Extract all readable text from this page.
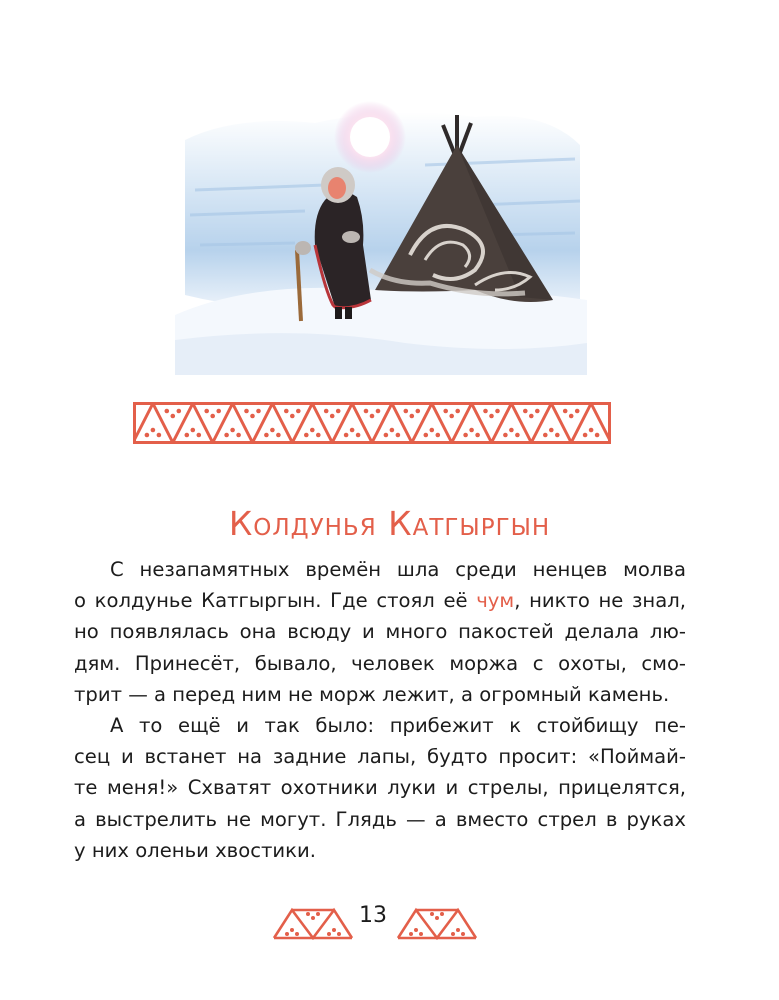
Колдунья Катгыргын
С незапамятных времён шла среди ненцев молва
о колдунье Катгыргын. Где стоял её чум, никто не знал,
но появлялась она всюду и много пакостей делала лю-
дям. Принесёт, бывало, человек моржа с охоты, смо-
трит — а перед ним не морж лежит, а огромный камень.
А то ещё и так было: прибежит к стойбищу пе-
сец и встанет на задние лапы, будто просит: «Поймай-
те меня!» Схватят охотники луки и стрелы, прицелятся,
а выстрелить не могут. Глядь — а вместо стрел в руках
у них оленьи хвостики.
13
